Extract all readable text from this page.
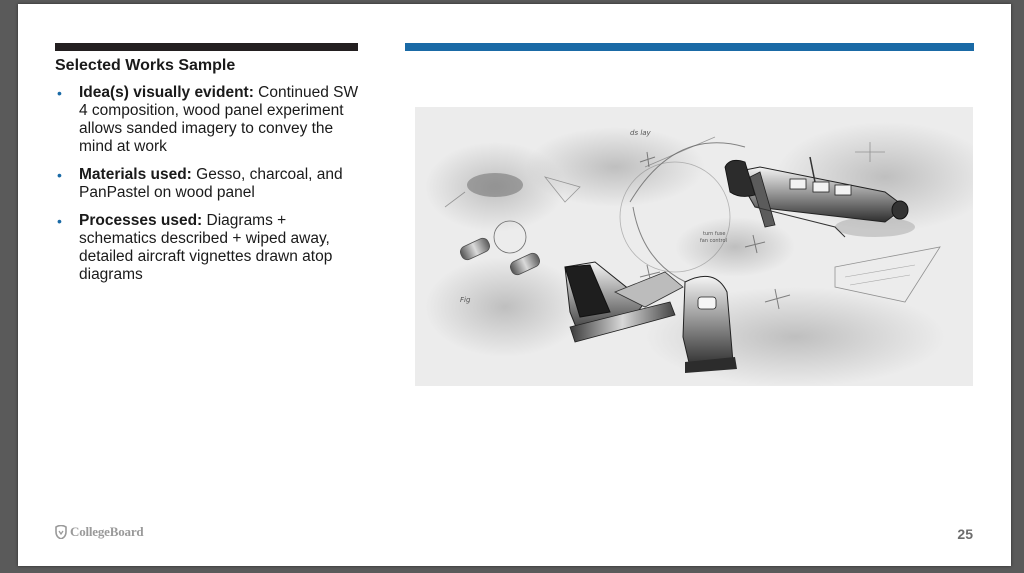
Selected Works Sample
• Idea(s) visually evident: Continued SW 4 composition, wood panel experiment allows sanded imagery to convey the mind at work
• Materials used: Gesso, charcoal, and PanPastel on wood panel
• Processes used: Diagrams + schematics described + wiped away, detailed aircraft vignettes drawn atop diagrams
ds lay
Fig
turn fuse
fan control
CollegeBoard	25
